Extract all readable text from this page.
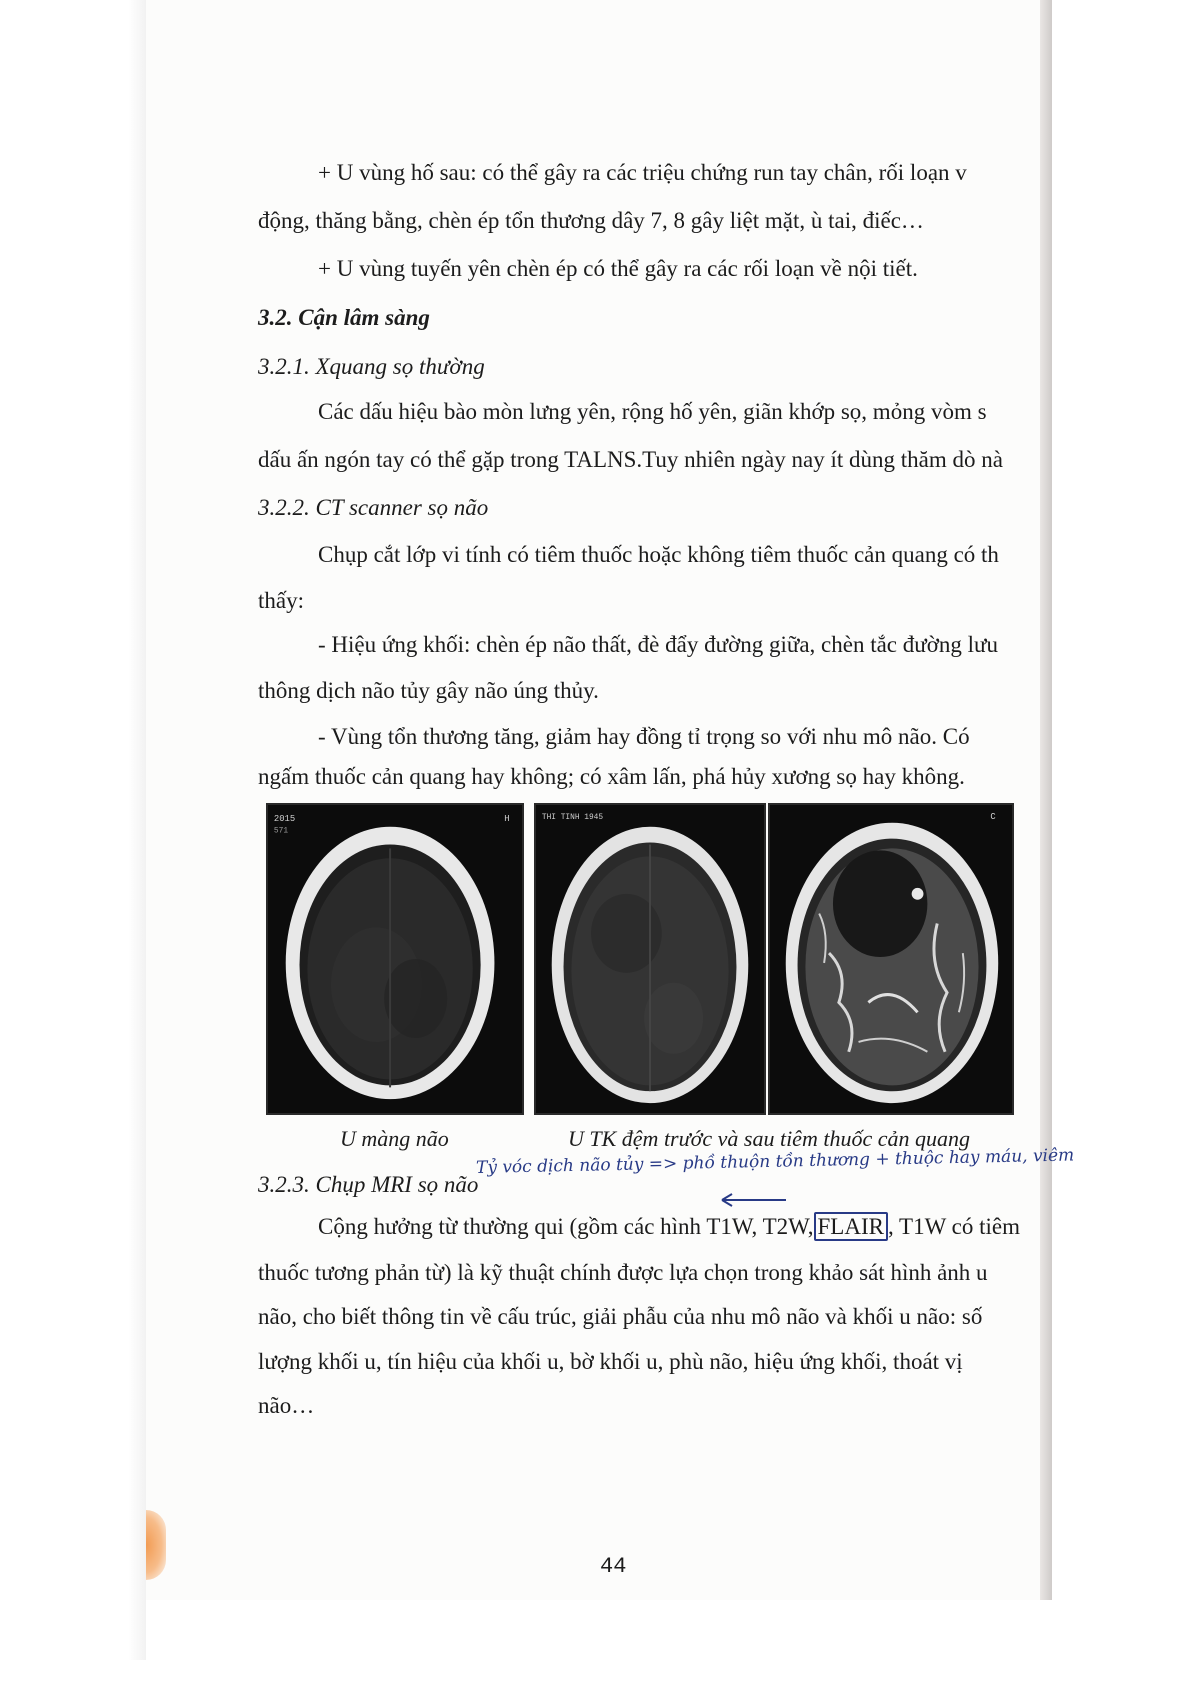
+ U vùng hố sau: có thể gây ra các triệu chứng run tay chân, rối loạn v

động, thăng bằng, chèn ép tổn thương dây 7, 8 gây liệt mặt, ù tai, điếc…

+ U vùng tuyến yên chèn ép có thể gây ra các rối loạn về nội tiết.

3.2. Cận lâm sàng

3.2.1. Xquang sọ thường

Các dấu hiệu bào mòn lưng yên, rộng hố yên, giãn khớp sọ, mỏng vòm s

dấu ấn ngón tay có thể gặp trong TALNS.Tuy nhiên ngày nay ít dùng thăm dò nà

3.2.2. CT scanner sọ não

Chụp cắt lớp vi tính có tiêm thuốc hoặc không tiêm thuốc cản quang có th

thấy:

- Hiệu ứng khối: chèn ép não thất, đè đẩy đường giữa, chèn tắc đường lưu

thông dịch não tủy gây não úng thủy.

- Vùng tổn thương tăng, giảm hay đồng tỉ trọng so với nhu mô não. Có

ngấm thuốc cản quang hay không; có xâm lấn, phá hủy xương sọ hay không.

2015
571
H	THI TINH 1945	C
U màng não	U TK đệm trước và sau tiêm thuốc cản quang

3.2.3. Chụp MRI sọ não

Tỷ vóc dịch não tủy => phồ thuộn tồn thương + thuộc hay máu, viêm

Cộng hưởng từ thường qui (gồm các hình T1W, T2W, FLAIR , T1W có tiêm

thuốc tương phản từ) là kỹ thuật chính được lựa chọn trong khảo sát hình ảnh u

não, cho biết thông tin về cấu trúc, giải phẫu của nhu mô não và khối u não: số

lượng khối u, tín hiệu của khối u, bờ khối u, phù não, hiệu ứng khối, thoát vị

não…

44
